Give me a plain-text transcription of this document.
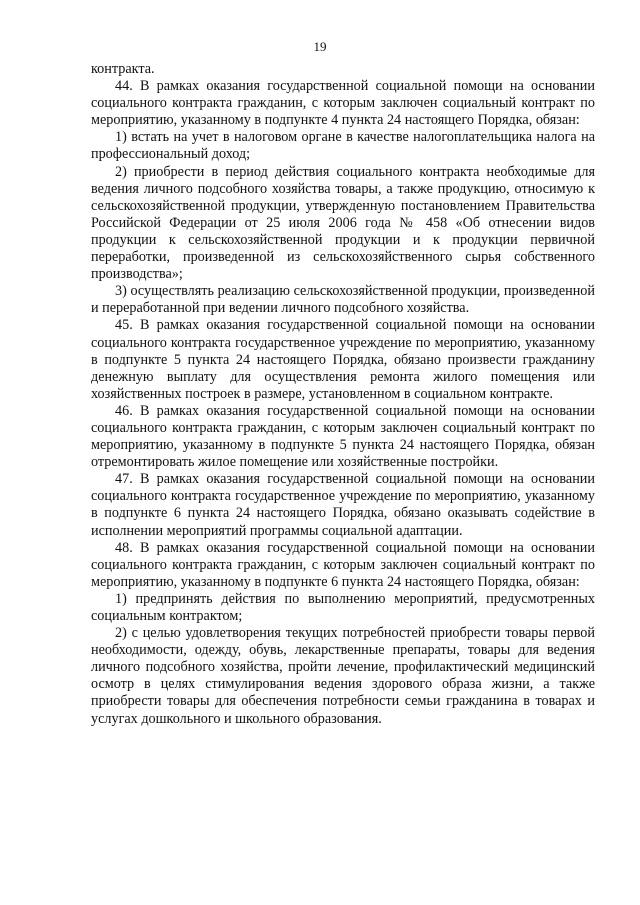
19

контракта.

44. В рамках оказания государственной социальной помощи на основании социального контракта гражданин, с которым заключен социальный контракт по мероприятию, указанному в подпункте 4 пункта 24 настоящего Порядка, обязан:

1) встать на учет в налоговом органе в качестве налогоплательщика налога на профессиональный доход;

2) приобрести в период действия социального контракта необходимые для ведения личного подсобного хозяйства товары, а также продукцию, относимую к сельскохозяйственной продукции, утвержденную постановлением Правительства Российской Федерации от 25 июля 2006 года № 458 «Об отнесении видов продукции к сельскохозяйственной продукции и к продукции первичной переработки, произведенной из сельскохозяйственного сырья собственного производства»;

3) осуществлять реализацию сельскохозяйственной продукции, произведенной и переработанной при ведении личного подсобного хозяйства.

45. В рамках оказания государственной социальной помощи на основании социального контракта государственное учреждение по мероприятию, указанному в подпункте 5 пункта 24 настоящего Порядка, обязано произвести гражданину денежную выплату для осуществления ремонта жилого помещения или хозяйственных построек в размере, установленном в социальном контракте.

46. В рамках оказания государственной социальной помощи на основании социального контракта гражданин, с которым заключен социальный контракт по мероприятию, указанному в подпункте 5 пункта 24 настоящего Порядка, обязан отремонтировать жилое помещение или хозяйственные постройки.

47. В рамках оказания государственной социальной помощи на основании социального контракта государственное учреждение по мероприятию, указанному в подпункте 6 пункта 24 настоящего Порядка, обязано оказывать содействие в исполнении мероприятий программы социальной адаптации.

48. В рамках оказания государственной социальной помощи на основании социального контракта гражданин, с которым заключен социальный контракт по мероприятию, указанному в подпункте 6 пункта 24 настоящего Порядка, обязан:

1) предпринять действия по выполнению мероприятий, предусмотренных социальным контрактом;

2) с целью удовлетворения текущих потребностей приобрести товары первой необходимости, одежду, обувь, лекарственные препараты, товары для ведения личного подсобного хозяйства, пройти лечение, профилактический медицинский осмотр в целях стимулирования ведения здорового образа жизни, а также приобрести товары для обеспечения потребности семьи гражданина в товарах и услугах дошкольного и школьного образования.
